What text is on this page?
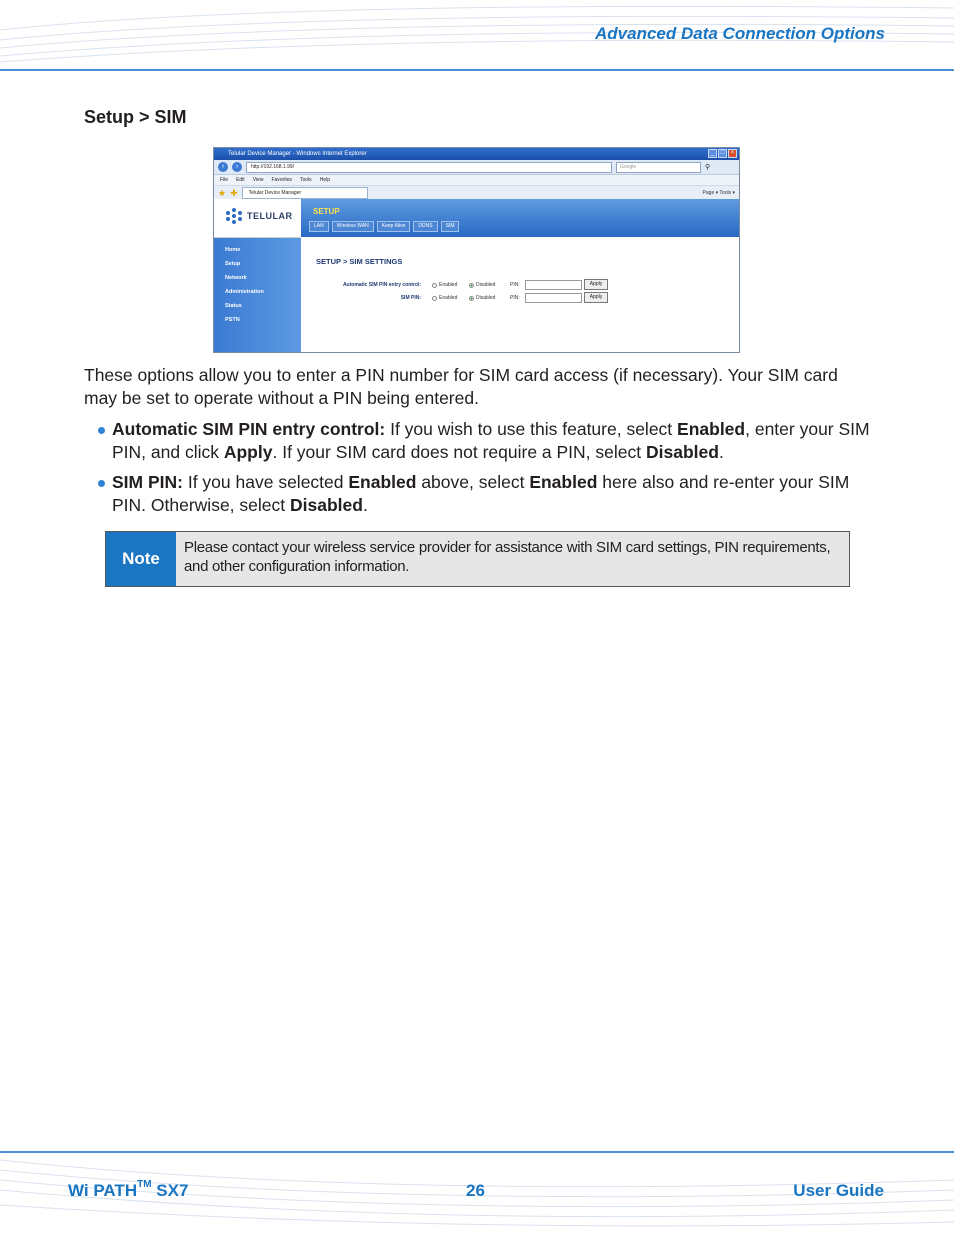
Advanced Data Connection Options
Setup > SIM
Telular Device Manager - Windows Internet Explorer	_	□	×
‹	›	http://192.168.1.99/	Google	⚲
File Edit View Favorites Tools Help
★ ✚	Telular Device Manager	Page ▾ Tools ▾
TELULAR	SETUP
LAN	Wireless WAN	Keep Alive	DDNS	SIM
Home
Setup
Network
Administration
Status
PSTN
SETUP > SIM SETTINGS
Automatic SIM PIN entry control:	Enabled	Disabled	PIN:	Apply
SIM PIN:	Enabled	Disabled	PIN:	Apply
These options allow you to enter a PIN number for SIM card access (if necessary). Your SIM card may be set to operate without a PIN being entered.
Automatic SIM PIN entry control: If you wish to use this feature, select Enabled, enter your SIM PIN, and click Apply. If your SIM card does not require a PIN, select Disabled.
SIM PIN: If you have selected Enabled above, select Enabled here also and re-enter your SIM PIN. Otherwise, select Disabled.
Note
Please contact your wireless service provider for assistance with SIM card settings, PIN requirements, and other configuration information.
Wi PATH™ SX7	26	User Guide
